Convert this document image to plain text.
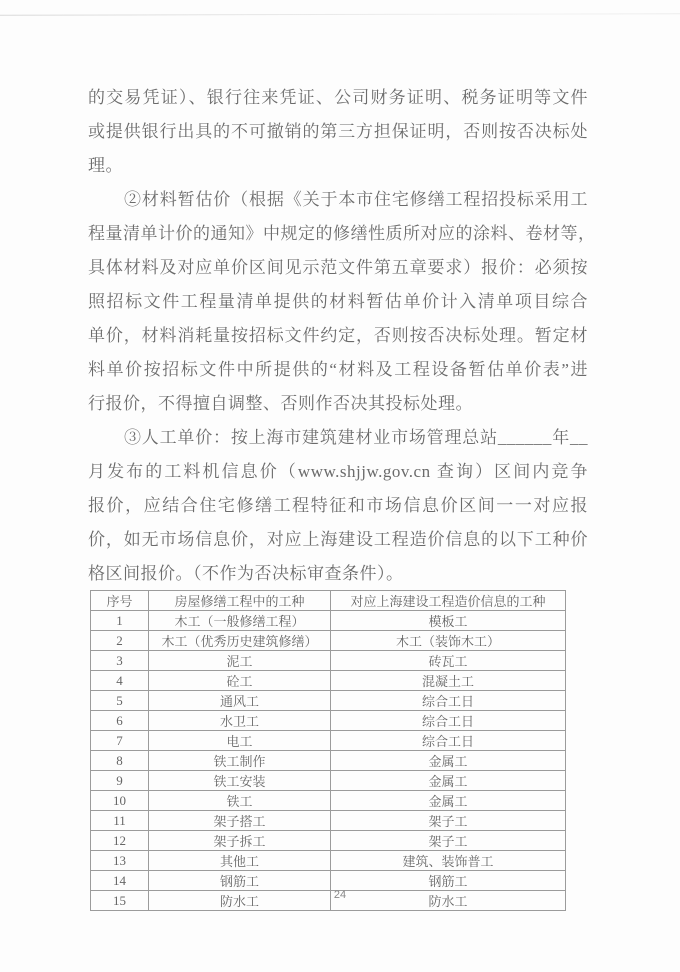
的交易凭证）、银行往来凭证、公司财务证明、税务证明等文件
或提供银行出具的不可撤销的第三方担保证明，否则按否决标处
理。
②材料暂估价（根据《关于本市住宅修缮工程招投标采用工
程量清单计价的通知》中规定的修缮性质所对应的涂料、卷材等，
具体材料及对应单价区间见示范文件第五章要求）报价：必须按
照招标文件工程量清单提供的材料暂估单价计入清单项目综合
单价，材料消耗量按招标文件约定，否则按否决标处理。暂定材
料单价按招标文件中所提供的“材料及工程设备暂估单价表”进
行报价，不得擅自调整、否则作否决其投标处理。
③人工单价：按上海市建筑建材业市场管理总站______年__
月发布的工料机信息价（www.shjjw.gov.cn 查询）区间内竞争
报价，应结合住宅修缮工程特征和市场信息价区间一一对应报
价，如无市场信息价，对应上海建设工程造价信息的以下工种价
格区间报价。（不作为否决标审查条件）。
序号	房屋修缮工程中的工种	对应上海建设工程造价信息的工种
1	木工（一般修缮工程）	模板工
2	木工（优秀历史建筑修缮）	木工（装饰木工）
3	泥工	砖瓦工
4	砼工	混凝土工
5	通风工	综合工日
6	水卫工	综合工日
7	电工	综合工日
8	铁工制作	金属工
9	铁工安装	金属工
10	铁工	金属工
11	架子搭工	架子工
12	架子拆工	架子工
13	其他工	建筑、装饰普工
14	钢筋工	钢筋工
15	防水工	防水工
24
